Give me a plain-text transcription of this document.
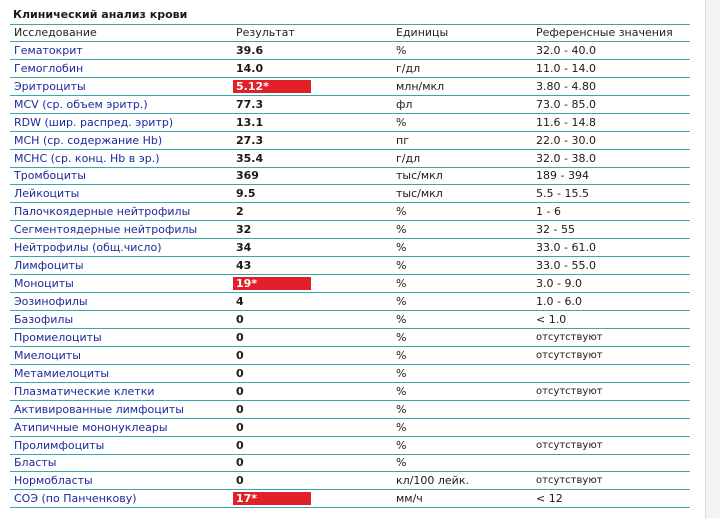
Клинический анализ крови
Исследование	Результат	Единицы	Референсные значения
Гематокрит	39.6	%	32.0 - 40.0
Гемоглобин	14.0	г/дл	11.0 - 14.0
Эритроциты	5.12*	млн/мкл	3.80 - 4.80
MCV (ср. объем эритр.)	77.3	фл	73.0 - 85.0
RDW (шир. распред. эритр)	13.1	%	11.6 - 14.8
MCH (ср. содержание Hb)	27.3	пг	22.0 - 30.0
MCHC (ср. конц. Hb в эр.)	35.4	г/дл	32.0 - 38.0
Тромбоциты	369	тыс/мкл	189 - 394
Лейкоциты	9.5	тыс/мкл	5.5 - 15.5
Палочкоядерные нейтрофилы	2	%	1 - 6
Сегментоядерные нейтрофилы	32	%	32 - 55
Нейтрофилы (общ.число)	34	%	33.0 - 61.0
Лимфоциты	43	%	33.0 - 55.0
Моноциты	19*	%	3.0 - 9.0
Эозинофилы	4	%	1.0 - 6.0
Базофилы	0	%	< 1.0
Промиелоциты	0	%	отсутствуют
Миелоциты	0	%	отсутствуют
Метамиелоциты	0	%
Плазматические клетки	0	%	отсутствуют
Активированные лимфоциты	0	%
Атипичные мононуклеары	0	%
Пролимфоциты	0	%	отсутствуют
Бласты	0	%
Нормобласты	0	кл/100 лейк.	отсутствуют
СОЭ (по Панченкову)	17*	мм/ч	< 12
